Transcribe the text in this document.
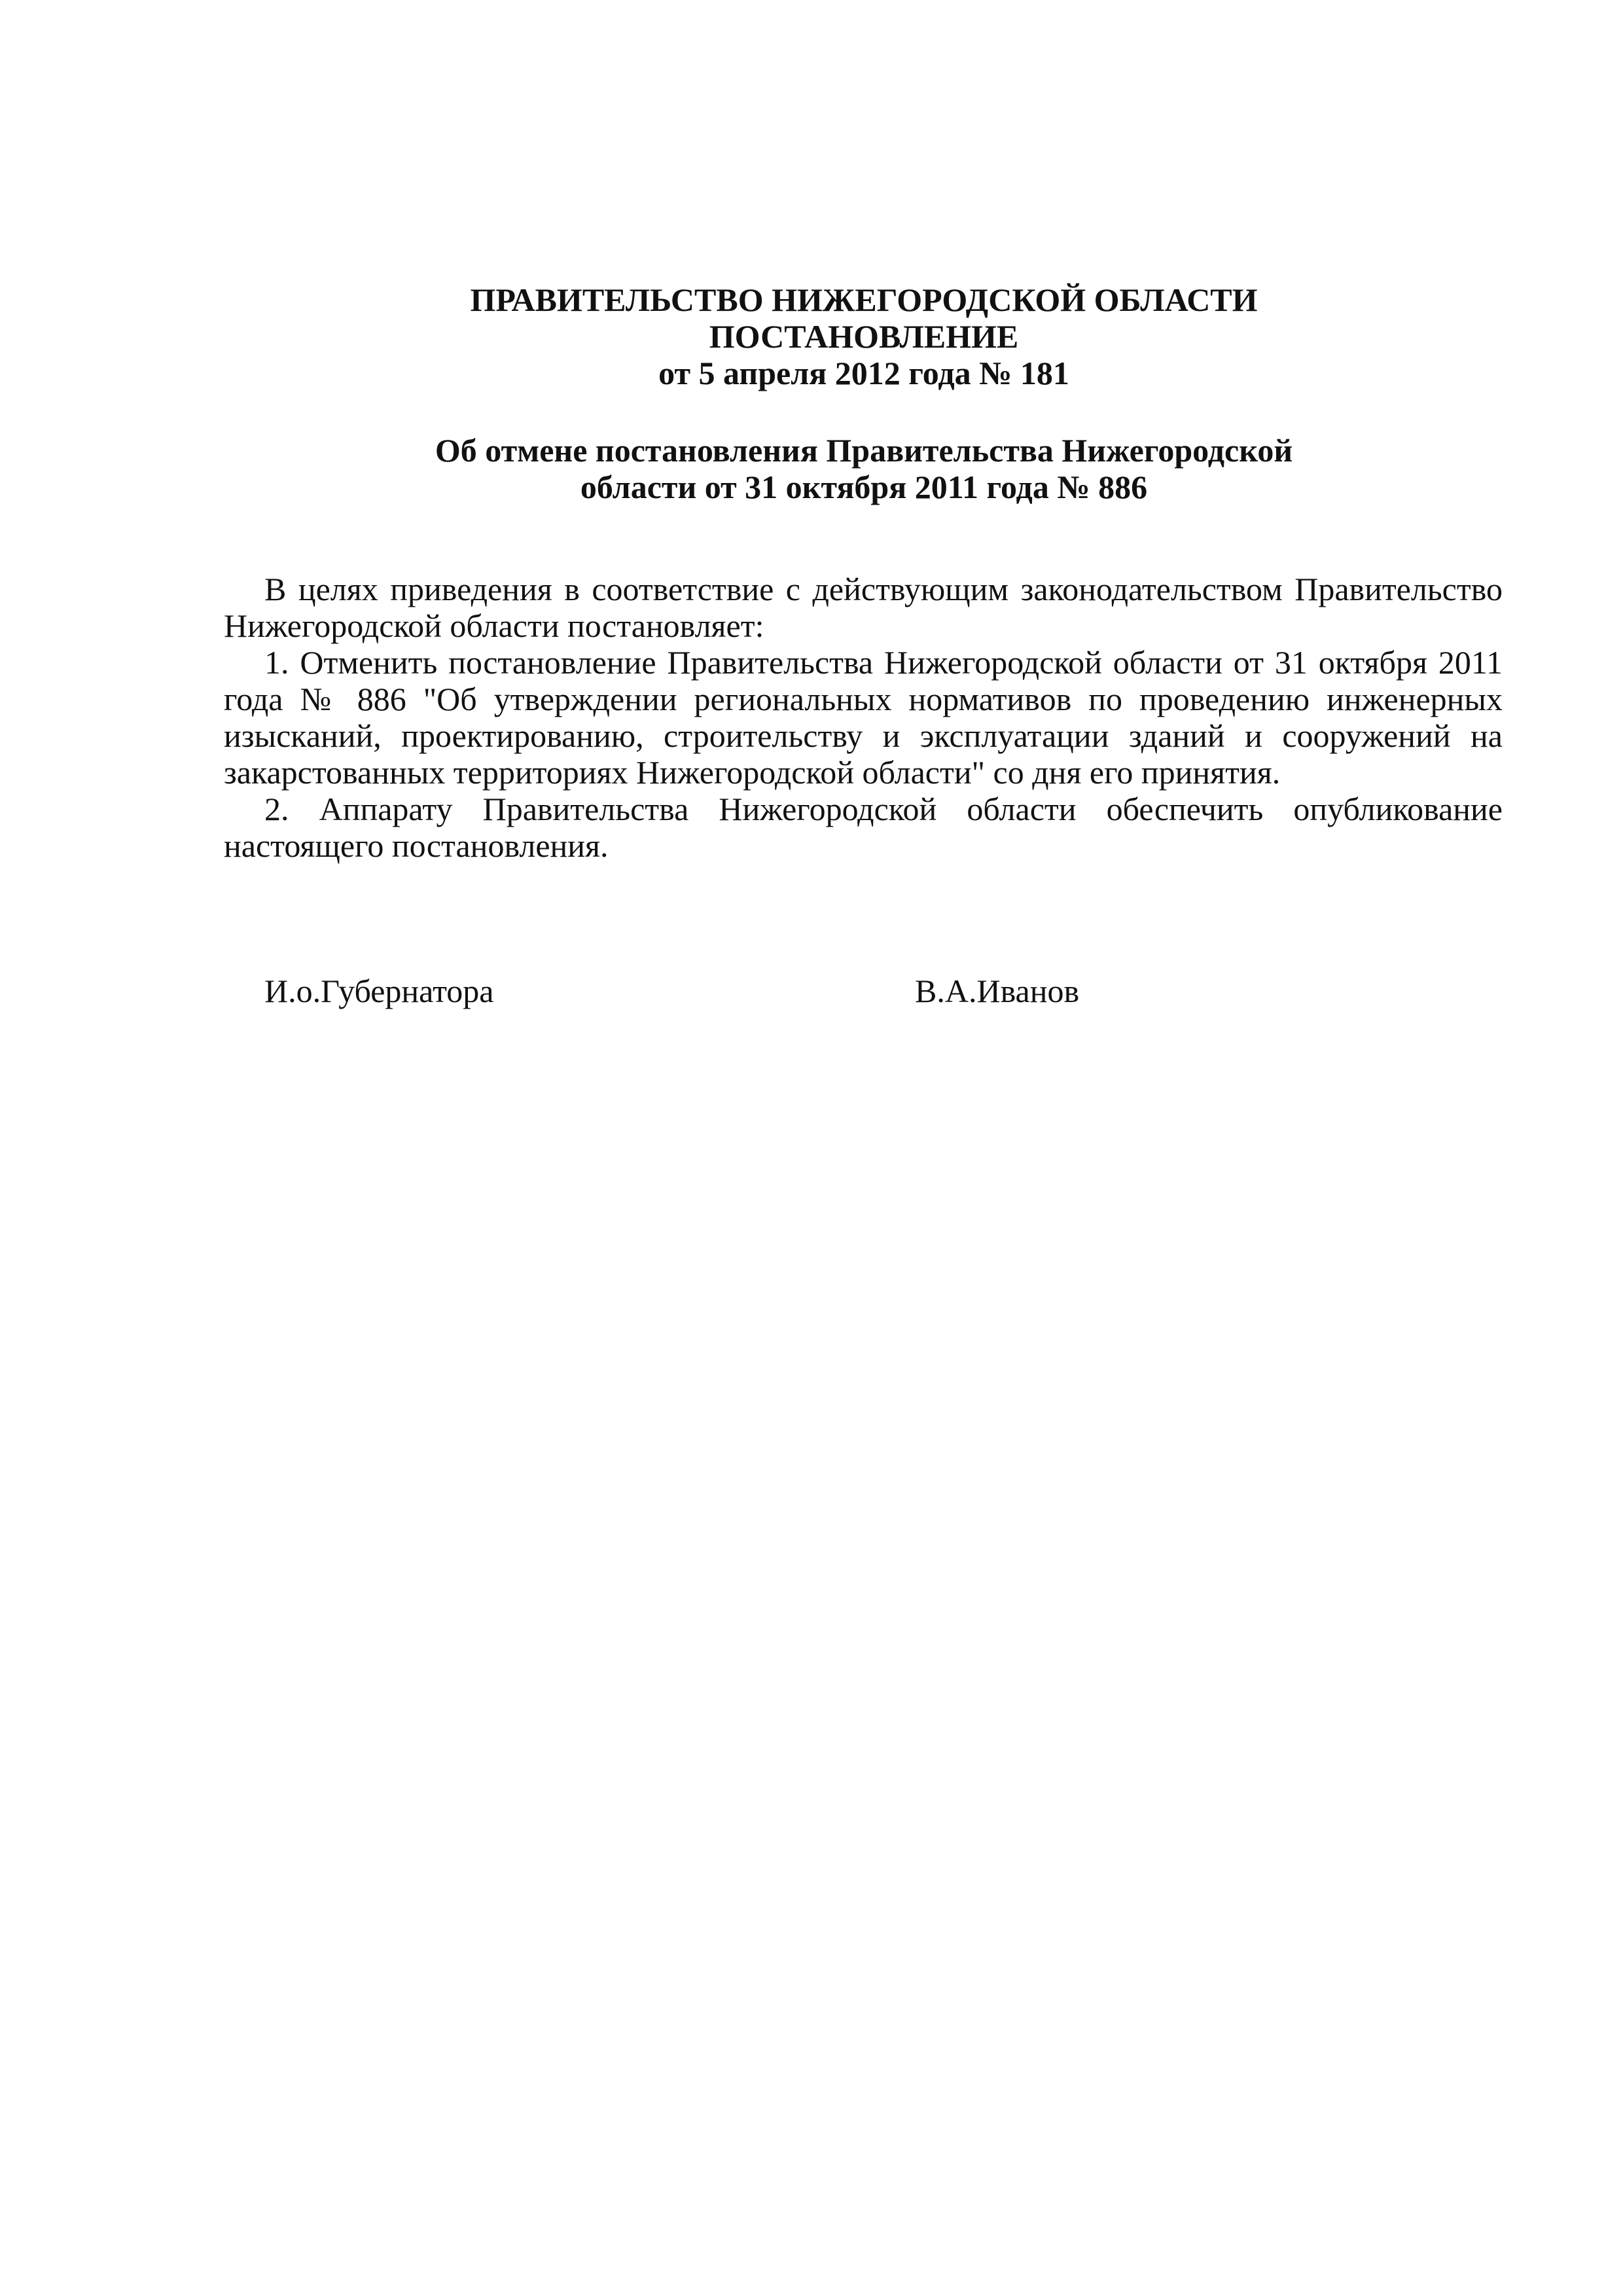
ПРАВИТЕЛЬСТВО НИЖЕГОРОДСКОЙ ОБЛАСТИ
ПОСТАНОВЛЕНИЕ
от 5 апреля 2012 года № 181
Об отмене постановления Правительства Нижегородской
области от 31 октября 2011 года № 886

В целях приведения в соответствие с действующим законодательством Правительство Нижегородской области постановляет:

1. Отменить постановление Правительства Нижегородской области от 31 октября 2011 года № 886 "Об утверждении региональных нормативов по проведению инженерных изысканий, проектированию, строительству и эксплуатации зданий и сооружений на закарстованных территориях Нижегородской области" со дня его принятия.

2. Аппарату Правительства Нижегородской области обеспечить опубликование настоящего постановления.

И.о.Губернатора	В.А.Иванов
